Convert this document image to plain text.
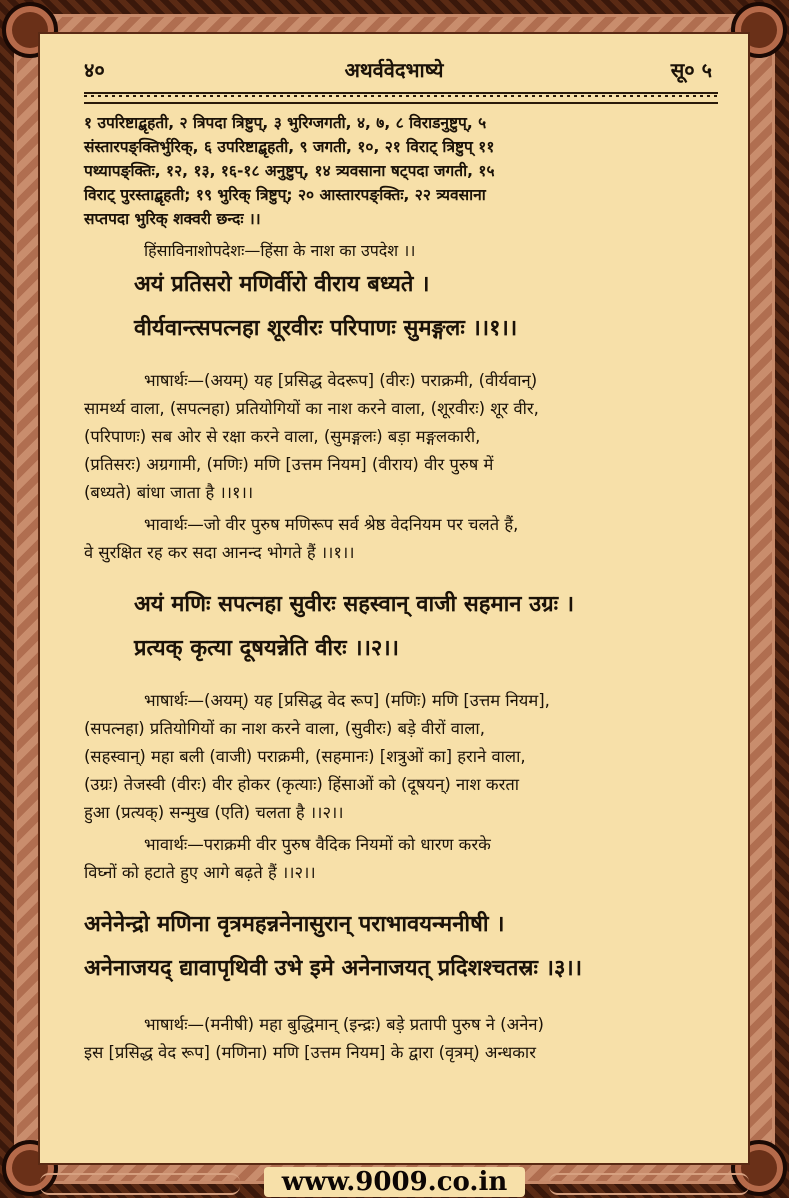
४०	अथर्ववेदभाष्ये	सू० ५
१ उपरिष्टाद्बृहती, २ त्रिपदा त्रिष्टुप्, ३ भुरिग्जगती, ४, ७, ८ विराडनुष्टुप्, ५
संस्तारपङ्क्तिर्भुरिक्, ६ उपरिष्टाद्बृहती, ९ जगती, १०, २१ विराट् त्रिष्टुप् ११
पथ्यापङ्क्तिः, १२, १३, १६-१८ अनुष्टुप्, १४ त्र्यवसाना षट्पदा जगती, १५
विराट् पुरस्ताद्बृहती; १९ भुरिक् त्रिष्टुप्; २० आस्तारपङ्क्तिः, २२ त्र्यवसाना
सप्तपदा भुरिक् शक्वरी छन्दः ।।
हिंसाविनाशोपदेशः—हिंसा के नाश का उपदेश ।।
अयं प्रतिसरो मणिर्वीरो वीराय बध्यते ।
वीर्यवान्त्सपत्नहा शूरवीरः परिपाणः सुमङ्गलः ।।१।।
भाषार्थः—(अयम्) यह [प्रसिद्ध वेदरूप] (वीरः) पराक्रमी, (वीर्यवान्)
सामर्थ्य वाला, (सपत्नहा) प्रतियोगियों का नाश करने वाला, (शूरवीरः) शूर वीर,
(परिपाणः) सब ओर से रक्षा करने वाला, (सुमङ्गलः) बड़ा मङ्गलकारी,
(प्रतिसरः) अग्रगामी, (मणिः) मणि [उत्तम नियम] (वीराय) वीर पुरुष में
(बध्यते) बांधा जाता है ।।१।।
भावार्थः—जो वीर पुरुष मणिरूप सर्व श्रेष्ठ वेदनियम पर चलते हैं,
वे सुरक्षित रह कर सदा आनन्द भोगते हैं ।।१।।
अयं मणिः सपत्नहा सुवीरः सहस्वान् वाजी सहमान उग्रः ।
प्रत्यक् कृत्या दूषयन्नेति वीरः ।।२।।
भाषार्थः—(अयम्) यह [प्रसिद्ध वेद रूप] (मणिः) मणि [उत्तम नियम],
(सपत्नहा) प्रतियोगियों का नाश करने वाला, (सुवीरः) बड़े वीरों वाला,
(सहस्वान्) महा बली (वाजी) पराक्रमी, (सहमानः) [शत्रुओं का] हराने वाला,
(उग्रः) तेजस्वी (वीरः) वीर होकर (कृत्याः) हिंसाओं को (दूषयन्) नाश करता
हुआ (प्रत्यक्) सन्मुख (एति) चलता है ।।२।।
भावार्थः—पराक्रमी वीर पुरुष वैदिक नियमों को धारण करके
विघ्नों को हटाते हुए आगे बढ़ते हैं ।।२।।
अनेनेन्द्रो मणिना वृत्रमहन्ननेनासुरान् पराभावयन्मनीषी ।
अनेनाजयद् द्यावापृथिवी उभे इमे अनेनाजयत् प्रदिशश्चतस्रः ।३।।
भाषार्थः—(मनीषी) महा बुद्धिमान् (इन्द्रः) बड़े प्रतापी पुरुष ने (अनेन)
इस [प्रसिद्ध वेद रूप] (मणिना) मणि [उत्तम नियम] के द्वारा (वृत्रम्) अन्धकार
www.9009.co.in
